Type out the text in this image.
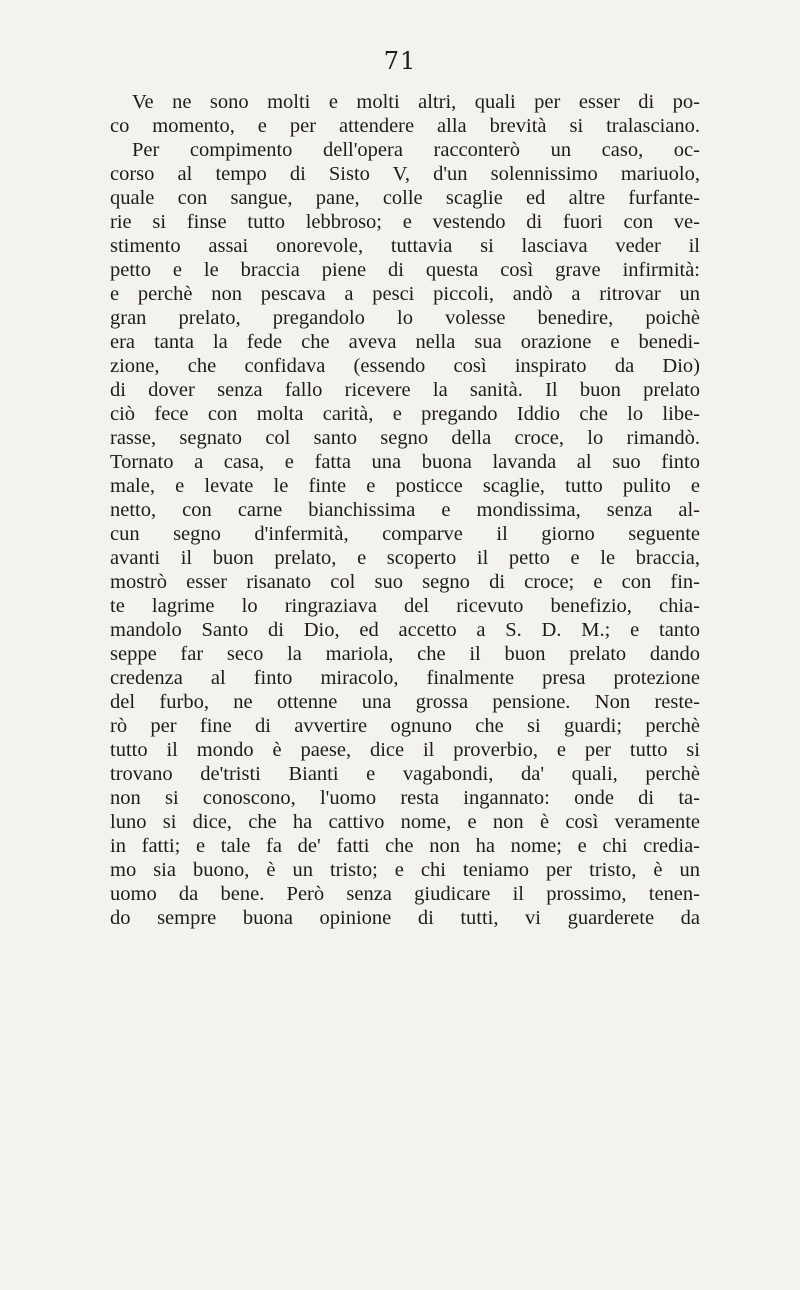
71
Ve ne sono molti e molti altri, quali per esser di po-
co momento, e per attendere alla brevità si tralasciano.
Per compimento dell'opera racconterò un caso, oc-
corso al tempo di Sisto V, d'un solennissimo mariuolo,
quale con sangue, pane, colle scaglie ed altre furfante-
rie si finse tutto lebbroso; e vestendo di fuori con ve-
stimento assai onorevole, tuttavia si lasciava veder il
petto e le braccia piene di questa così grave infirmità:
e perchè non pescava a pesci piccoli, andò a ritrovar un
gran prelato, pregandolo lo volesse benedire, poichè
era tanta la fede che aveva nella sua orazione e benedi-
zione, che confidava (essendo così inspirato da Dio)
di dover senza fallo ricevere la sanità. Il buon prelato
ciò fece con molta carità, e pregando Iddio che lo libe-
rasse, segnato col santo segno della croce, lo rimandò.
Tornato a casa, e fatta una buona lavanda al suo finto
male, e levate le finte e posticce scaglie, tutto pulito e
netto, con carne bianchissima e mondissima, senza al-
cun segno d'infermità, comparve il giorno seguente
avanti il buon prelato, e scoperto il petto e le braccia,
mostrò esser risanato col suo segno di croce; e con fin-
te lagrime lo ringraziava del ricevuto benefizio, chia-
mandolo Santo di Dio, ed accetto a S. D. M.; e tanto
seppe far seco la mariola, che il buon prelato dando
credenza al finto miracolo, finalmente presa protezione
del furbo, ne ottenne una grossa pensione. Non reste-
rò per fine di avvertire ognuno che si guardi; perchè
tutto il mondo è paese, dice il proverbio, e per tutto si
trovano de'tristi Bianti e vagabondi, da' quali, perchè
non si conoscono, l'uomo resta ingannato: onde di ta-
luno si dice, che ha cattivo nome, e non è così veramente
in fatti; e tale fa de' fatti che non ha nome; e chi credia-
mo sia buono, è un tristo; e chi teniamo per tristo, è un
uomo da bene. Però senza giudicare il prossimo, tenen-
do sempre buona opinione di tutti, vi guarderete da
